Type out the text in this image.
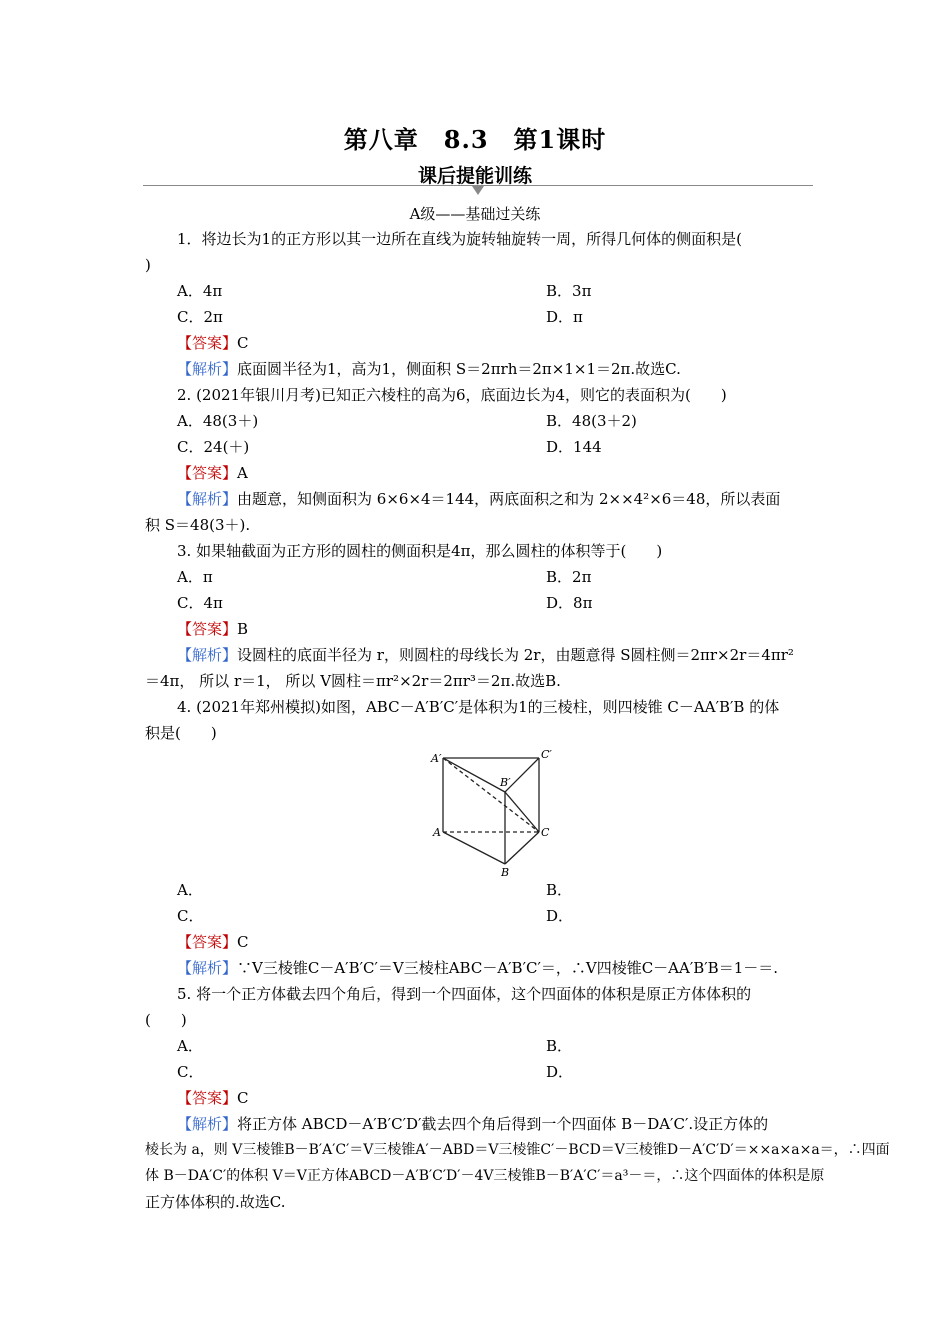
第八章　8.3　第1课时
课后提能训练
A级——基础过关练
1．将边长为1的正方形以其一边所在直线为旋转轴旋转一周，所得几何体的侧面积是(
)
A．4π	B．3π
C．2π	D．π
【答案】C
【解析】底面圆半径为1，高为1，侧面积 S＝2πrh＝2π×1×1＝2π.故选C.
2. (2021年银川月考)已知正六棱柱的高为6，底面边长为4，则它的表面积为(　　)
A．48(3＋)	B．48(3＋2)
C．24(＋)	D．144
【答案】A
【解析】由题意，知侧面积为 6×6×4＝144，两底面积之和为 2××4²×6＝48，所以表面
积 S＝48(3＋).
3. 如果轴截面为正方形的圆柱的侧面积是4π，那么圆柱的体积等于(　　)
A．π	B．2π
C．4π	D．8π
【答案】B
【解析】设圆柱的底面半径为 r，则圆柱的母线长为 2r，由题意得 S圆柱侧＝2πr×2r＝4πr²
＝4π， 所以 r＝1， 所以 V圆柱＝πr²×2r＝2πr³＝2π.故选B.
4. (2021年郑州模拟)如图，ABC－A′B′C′是体积为1的三棱柱，则四棱锥 C－AA′B′B 的体
积是(　　)
A′	C′
B′
A	C
B
A．	B．
C．	D．
【答案】C
【解析】∵V三棱锥C－A′B′C′＝V三棱柱ABC－A′B′C′＝，∴V四棱锥C－AA′B′B＝1－＝.
5. 将一个正方体截去四个角后，得到一个四面体，这个四面体的体积是原正方体体积的
(　　)
A．	B．
C．	D．
【答案】C
【解析】将正方体 ABCD－A′B′C′D′截去四个角后得到一个四面体 B－DA′C′.设正方体的
棱长为 a，则 V三棱锥B－B′A′C′＝V三棱锥A′－ABD＝V三棱锥C′－BCD＝V三棱锥D－A′C′D′＝××a×a×a＝，∴四面
体 B－DA′C′的体积 V＝V正方体ABCD－A′B′C′D′－4V三棱锥B－B′A′C′＝a³－＝，∴这个四面体的体积是原
正方体体积的.故选C.
